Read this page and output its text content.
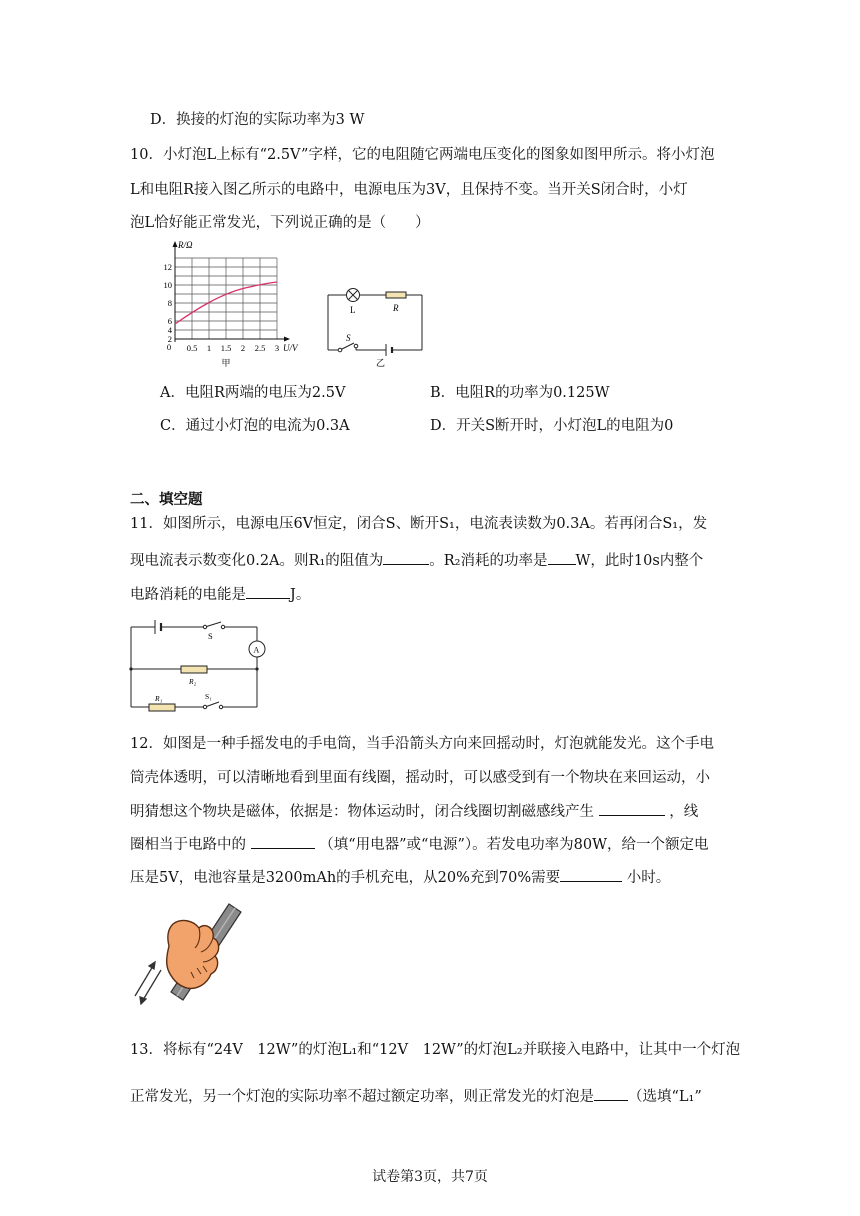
D．换接的灯泡的实际功率为3 W
10．小灯泡L上标有“2.5V”字样，它的电阻随它两端电压变化的图象如图甲所示。将小灯泡
L和电阻R接入图乙所示的电路中，电源电压为3V，且保持不变。当开关S闭合时，小灯
泡L恰好能正常发光，下列说正确的是（　　）
R/Ω
12
10
8
6
4
2
0 0.5 1 1.5 2 2.5 3 U/V
甲
L	R
S
乙
A．电阻R两端的电压为2.5V	B．电阻R的功率为0.125W
C．通过小灯泡的电流为0.3A	D．开关S断开时，小灯泡L的电阻为0
二、填空题
11．如图所示，电源电压6V恒定，闭合S、断开S₁，电流表读数为0.3A。若再闭合S₁，发
现电流表示数变化0.2A。则R₁的阻值为	。R₂消耗的功率是 W，此时10s内整个
电路消耗的电能是	J。
S
A
R₂
R₁	S₁
12．如图是一种手摇发电的手电筒，当手沿箭头方向来回摇动时，灯泡就能发光。这个手电
筒壳体透明，可以清晰地看到里面有线圈，摇动时，可以感受到有一个物块在来回运动，小
明猜想这个物块是磁体，依据是：物体运动时，闭合线圈切割磁感线产生	，线
圈相当于电路中的	（填“用电器”或“电源”）。若发电功率为80W，给一个额定电
压是5V，电池容量是3200mAh的手机充电，从20%充到70%需要	小时。
13．将标有“24V　12W”的灯泡L₁和“12V　12W”的灯泡L₂并联接入电路中，让其中一个灯泡
正常发光，另一个灯泡的实际功率不超过额定功率，则正常发光的灯泡是 （选填“L₁”
试卷第3页，共7页
